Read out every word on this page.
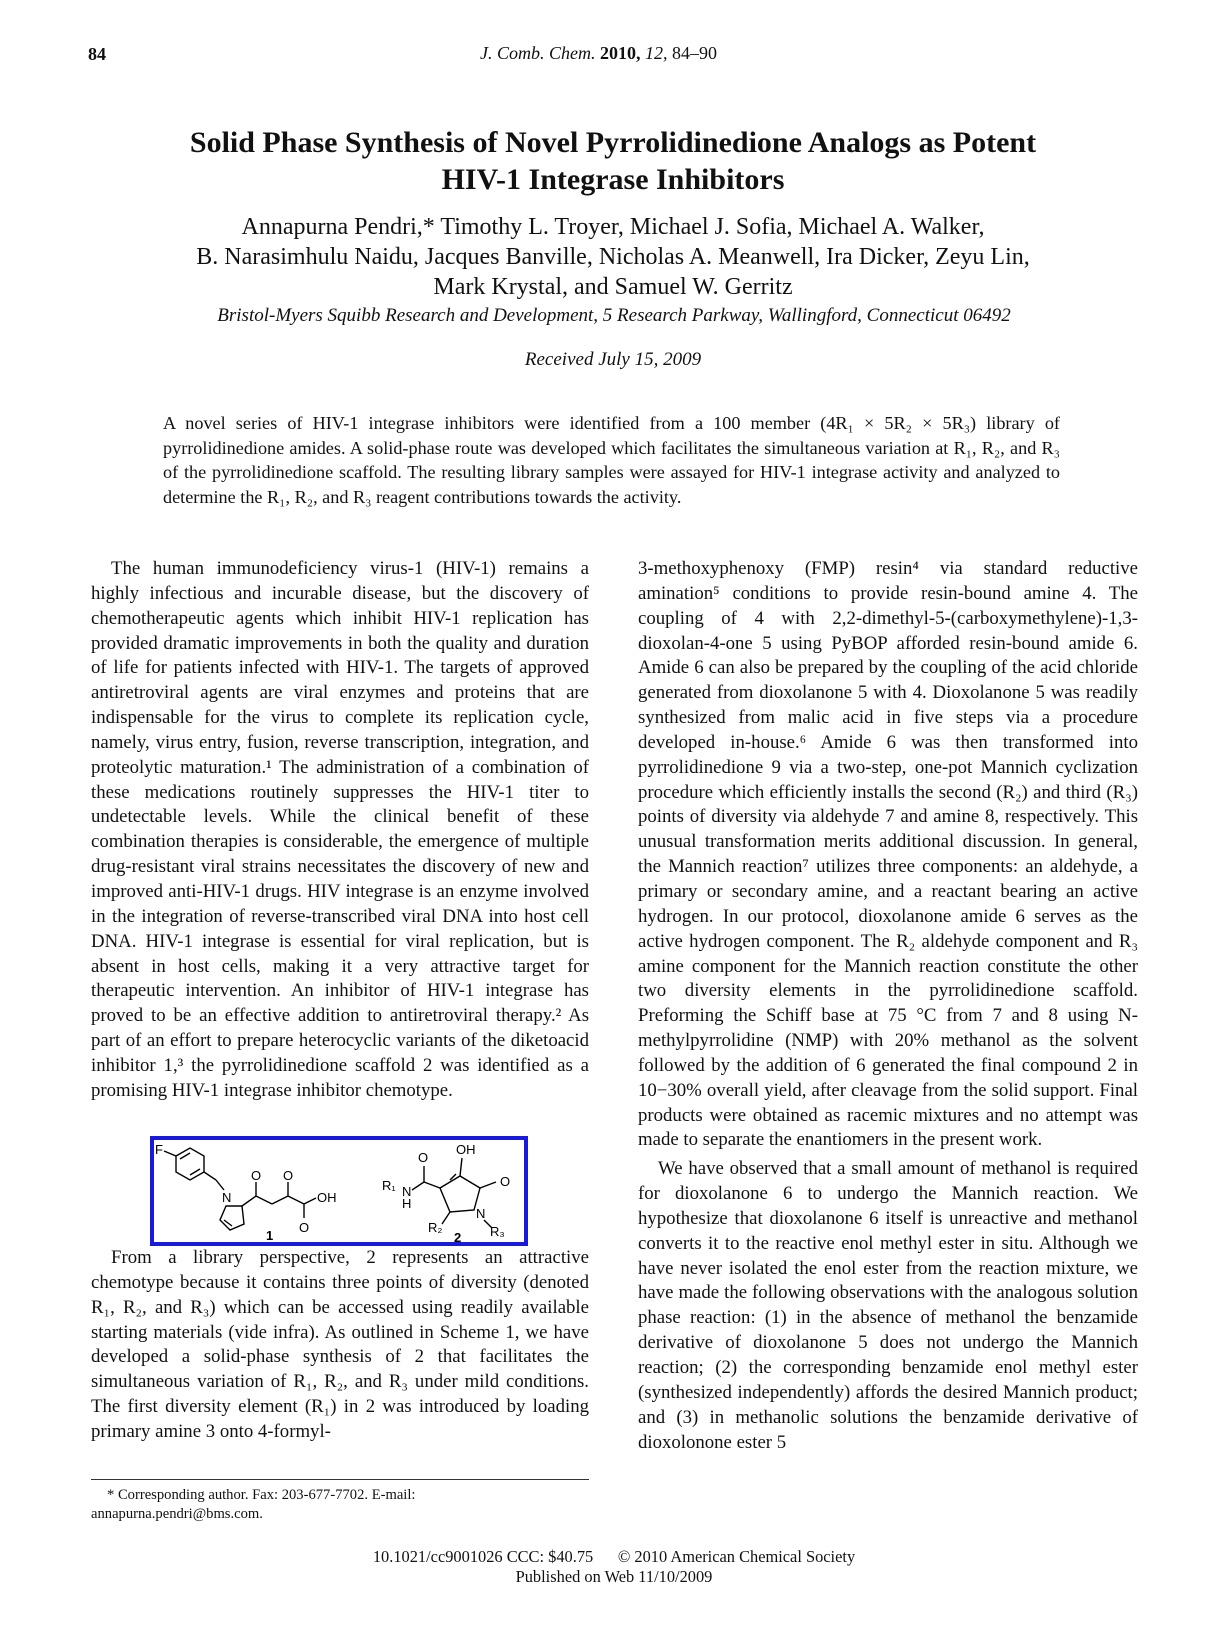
84	J. Comb. Chem. 2010, 12, 84–90
Solid Phase Synthesis of Novel Pyrrolidinedione Analogs as Potent
HIV-1 Integrase Inhibitors
Annapurna Pendri,* Timothy L. Troyer, Michael J. Sofia, Michael A. Walker,
B. Narasimhulu Naidu, Jacques Banville, Nicholas A. Meanwell, Ira Dicker, Zeyu Lin,
Mark Krystal, and Samuel W. Gerritz
Bristol-Myers Squibb Research and Development, 5 Research Parkway, Wallingford, Connecticut 06492
Received July 15, 2009
A novel series of HIV-1 integrase inhibitors were identified from a 100 member (4R₁ × 5R₂ × 5R₃) library of pyrrolidinedione amides. A solid-phase route was developed which facilitates the simultaneous variation at R₁, R₂, and R₃ of the pyrrolidinedione scaffold. The resulting library samples were assayed for HIV-1 integrase activity and analyzed to determine the R₁, R₂, and R₃ reagent contributions towards the activity.

The human immunodeficiency virus-1 (HIV-1) remains a highly infectious and incurable disease, but the discovery of chemotherapeutic agents which inhibit HIV-1 replication has provided dramatic improvements in both the quality and duration of life for patients infected with HIV-1. The targets of approved antiretroviral agents are viral enzymes and proteins that are indispensable for the virus to complete its replication cycle, namely, virus entry, fusion, reverse transcription, integration, and proteolytic maturation.¹ The administration of a combination of these medications routinely suppresses the HIV-1 titer to undetectable levels. While the clinical benefit of these combination therapies is considerable, the emergence of multiple drug-resistant viral strains necessitates the discovery of new and improved anti-HIV-1 drugs. HIV integrase is an enzyme involved in the integration of reverse-transcribed viral DNA into host cell DNA. HIV-1 integrase is essential for viral replication, but is absent in host cells, making it a very attractive target for therapeutic intervention. An inhibitor of HIV-1 integrase has proved to be an effective addition to antiretroviral therapy.² As part of an effort to prepare heterocyclic variants of the diketoacid inhibitor 1,³ the pyrrolidinedione scaffold 2 was identified as a promising HIV-1 integrase inhibitor chemotype.

F
N
O O
OH
O
1
OH
O
O
R₁ N
H
N
R₂	R₃
2

From a library perspective, 2 represents an attractive chemotype because it contains three points of diversity (denoted R₁, R₂, and R₃) which can be accessed using readily available starting materials (vide infra). As outlined in Scheme 1, we have developed a solid-phase synthesis of 2 that facilitates the simultaneous variation of R₁, R₂, and R₃ under mild conditions. The first diversity element (R₁) in 2 was introduced by loading primary amine 3 onto 4-formyl-

3-methoxyphenoxy (FMP) resin⁴ via standard reductive amination⁵ conditions to provide resin-bound amine 4. The coupling of 4 with 2,2-dimethyl-5-(carboxymethylene)-1,3-dioxolan-4-one 5 using PyBOP afforded resin-bound amide 6. Amide 6 can also be prepared by the coupling of the acid chloride generated from dioxolanone 5 with 4. Dioxolanone 5 was readily synthesized from malic acid in five steps via a procedure developed in-house.⁶ Amide 6 was then transformed into pyrrolidinedione 9 via a two-step, one-pot Mannich cyclization procedure which efficiently installs the second (R₂) and third (R₃) points of diversity via aldehyde 7 and amine 8, respectively. This unusual transformation merits additional discussion. In general, the Mannich reaction⁷ utilizes three components: an aldehyde, a primary or secondary amine, and a reactant bearing an active hydrogen. In our protocol, dioxolanone amide 6 serves as the active hydrogen component. The R₂ aldehyde component and R₃ amine component for the Mannich reaction constitute the other two diversity elements in the pyrrolidinedione scaffold. Preforming the Schiff base at 75 °C from 7 and 8 using N-methylpyrrolidine (NMP) with 20% methanol as the solvent followed by the addition of 6 generated the final compound 2 in 10−30% overall yield, after cleavage from the solid support. Final products were obtained as racemic mixtures and no attempt was made to separate the enantiomers in the present work.

We have observed that a small amount of methanol is required for dioxolanone 6 to undergo the Mannich reaction. We hypothesize that dioxolanone 6 itself is unreactive and methanol converts it to the reactive enol methyl ester in situ. Although we have never isolated the enol ester from the reaction mixture, we have made the following observations with the analogous solution phase reaction: (1) in the absence of methanol the benzamide derivative of dioxolanone 5 does not undergo the Mannich reaction; (2) the corresponding benzamide enol methyl ester (synthesized independently) affords the desired Mannich product; and (3) in methanolic solutions the benzamide derivative of dioxolonone ester 5

* Corresponding author. Fax: 203-677-7702. E-mail: annapurna.pendri@bms.com.
10.1021/cc9001026 CCC: $40.75 © 2010 American Chemical Society
Published on Web 11/10/2009
